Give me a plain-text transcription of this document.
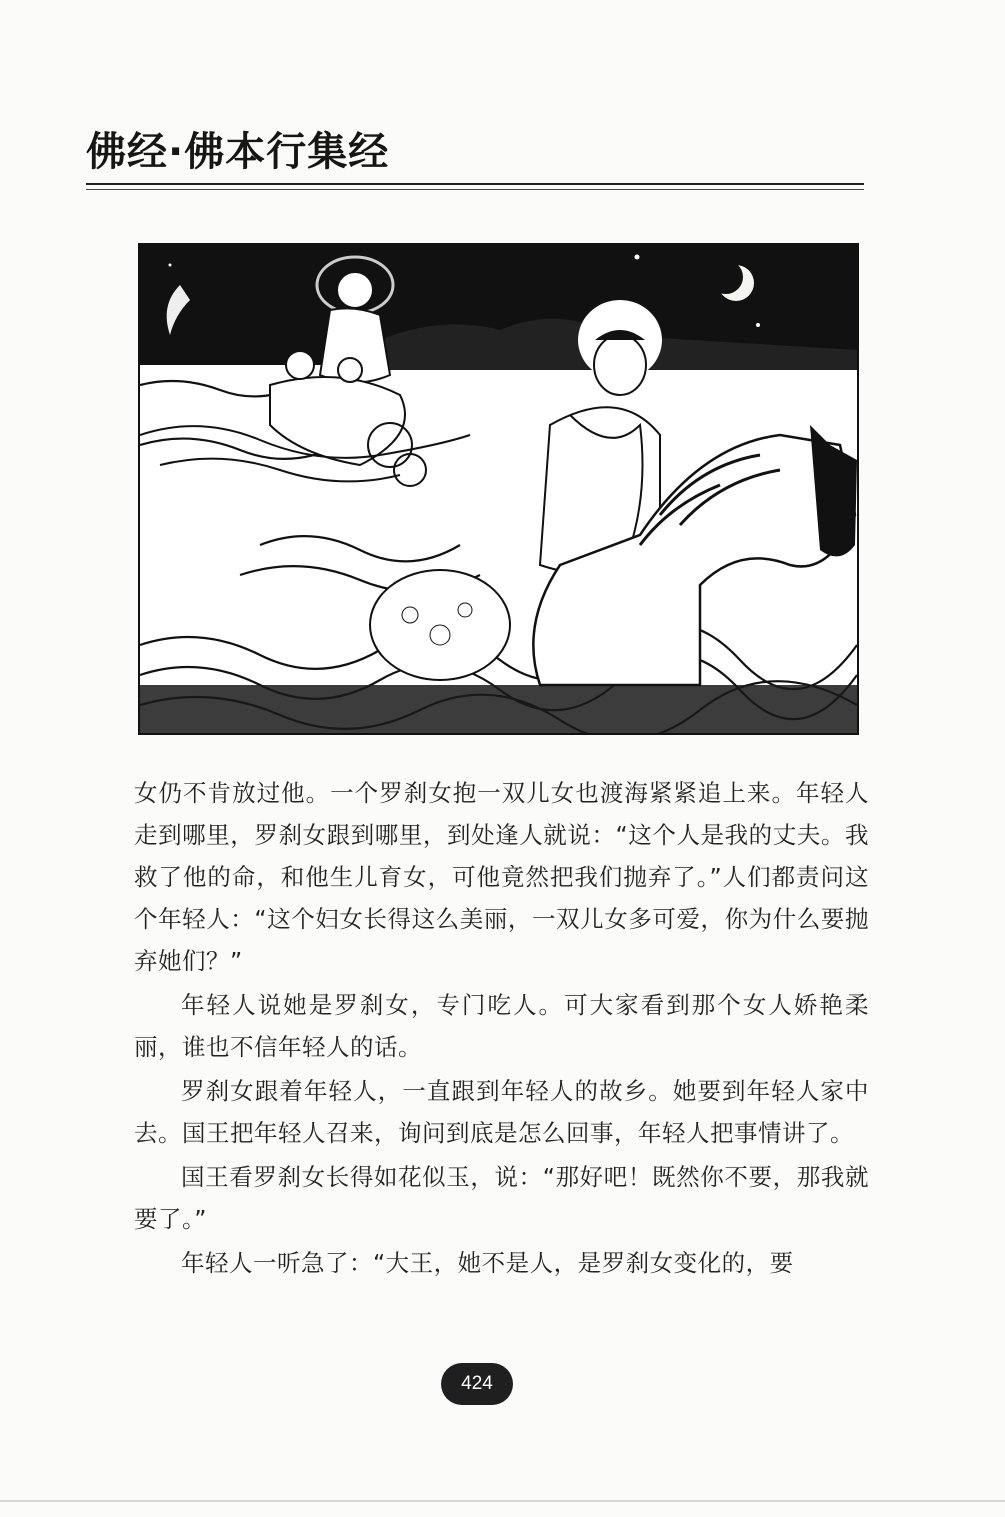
佛经·佛本行集经

女仍不肯放过他。一个罗刹女抱一双儿女也渡海紧紧追上来。年轻人走到哪里，罗刹女跟到哪里，到处逢人就说：“这个人是我的丈夫。我救了他的命，和他生儿育女，可他竟然把我们抛弃了。”人们都责问这个年轻人：“这个妇女长得这么美丽，一双儿女多可爱，你为什么要抛弃她们？”

年轻人说她是罗刹女，专门吃人。可大家看到那个女人娇艳柔丽，谁也不信年轻人的话。

罗刹女跟着年轻人，一直跟到年轻人的故乡。她要到年轻人家中去。国王把年轻人召来，询问到底是怎么回事，年轻人把事情讲了。

国王看罗刹女长得如花似玉，说：“那好吧！既然你不要，那我就要了。”

年轻人一听急了：“大王，她不是人，是罗刹女变化的，要

424
